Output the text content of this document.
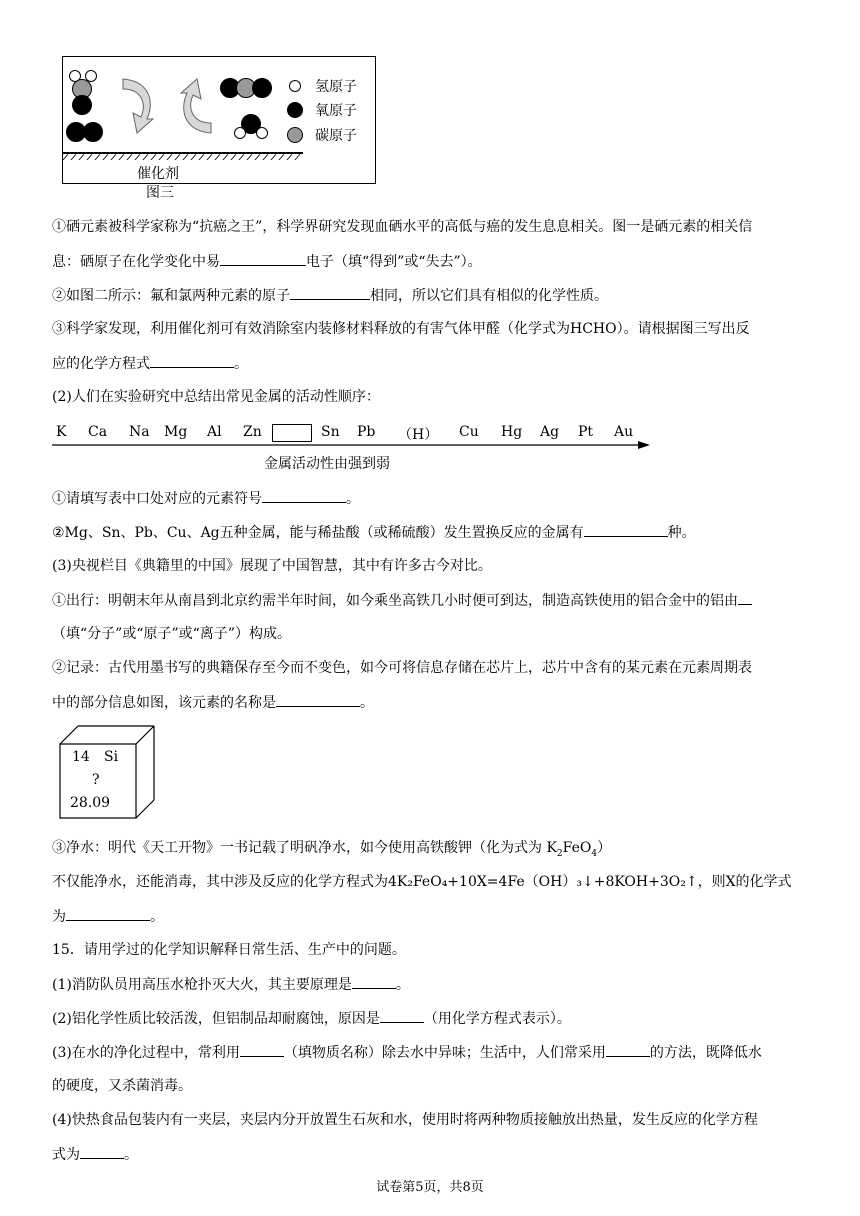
氢原子
氧原子
碳原子
催化剂
图三
①硒元素被科学家称为“抗癌之王”，科学界研究发现血硒水平的高低与癌的发生息息相关。图一是硒元素的相关信
息：硒原子在化学变化中易	电子（填“得到”或“失去”）。
②如图二所示：氟和氯两种元素的原子	相同，所以它们具有相似的化学性质。
③科学家发现，利用催化剂可有效消除室内装修材料释放的有害气体甲醛（化学式为HCHO）。请根据图三写出反
应的化学方程式	。
(2)人们在实验研究中总结出常见金属的活动性顺序：
K Ca Na Mg Al Zn	Sn Pb （H） Cu Hg Ag Pt Au
金属活动性由强到弱
①请填写表中口处对应的元素符号	。
②Mg、Sn、Pb、Cu、Ag五种金属，能与稀盐酸（或稀硫酸）发生置换反应的金属有	种。
(3)央视栏目《典籍里的中国》展现了中国智慧，其中有许多古今对比。
①出行：明朝末年从南昌到北京约需半年时间，如今乘坐高铁几小时便可到达，制造高铁使用的铝合金中的铝由
（填“分子”或“原子”或“离子”）构成。
②记录：古代用墨书写的典籍保存至今而不变色，如今可将信息存储在芯片上，芯片中含有的某元素在元素周期表
中的部分信息如图，该元素的名称是	。
14 Si
?
28.09
③净水：明代《天工开物》一书记载了明矾净水，如今使用高铁酸钾（化为式为 $K_2FeO_4$）
不仅能净水，还能消毒，其中涉及反应的化学方程式为4K₂FeO₄+10X=4Fe（OH）₃↓+8KOH+3O₂↑，则X的化学式
为	。
15．请用学过的化学知识解释日常生活、生产中的问题。
(1)消防队员用高压水枪扑灭大火，其主要原理是	。
(2)铝化学性质比较活泼，但铝制品却耐腐蚀，原因是	（用化学方程式表示）。
(3)在水的净化过程中，常利用	（填物质名称）除去水中异味；生活中，人们常采用	的方法，既降低水
的硬度，又杀菌消毒。
(4)快热食品包装内有一夹层，夹层内分开放置生石灰和水，使用时将两种物质接触放出热量，发生反应的化学方程
式为	。
试卷第5页，共8页
